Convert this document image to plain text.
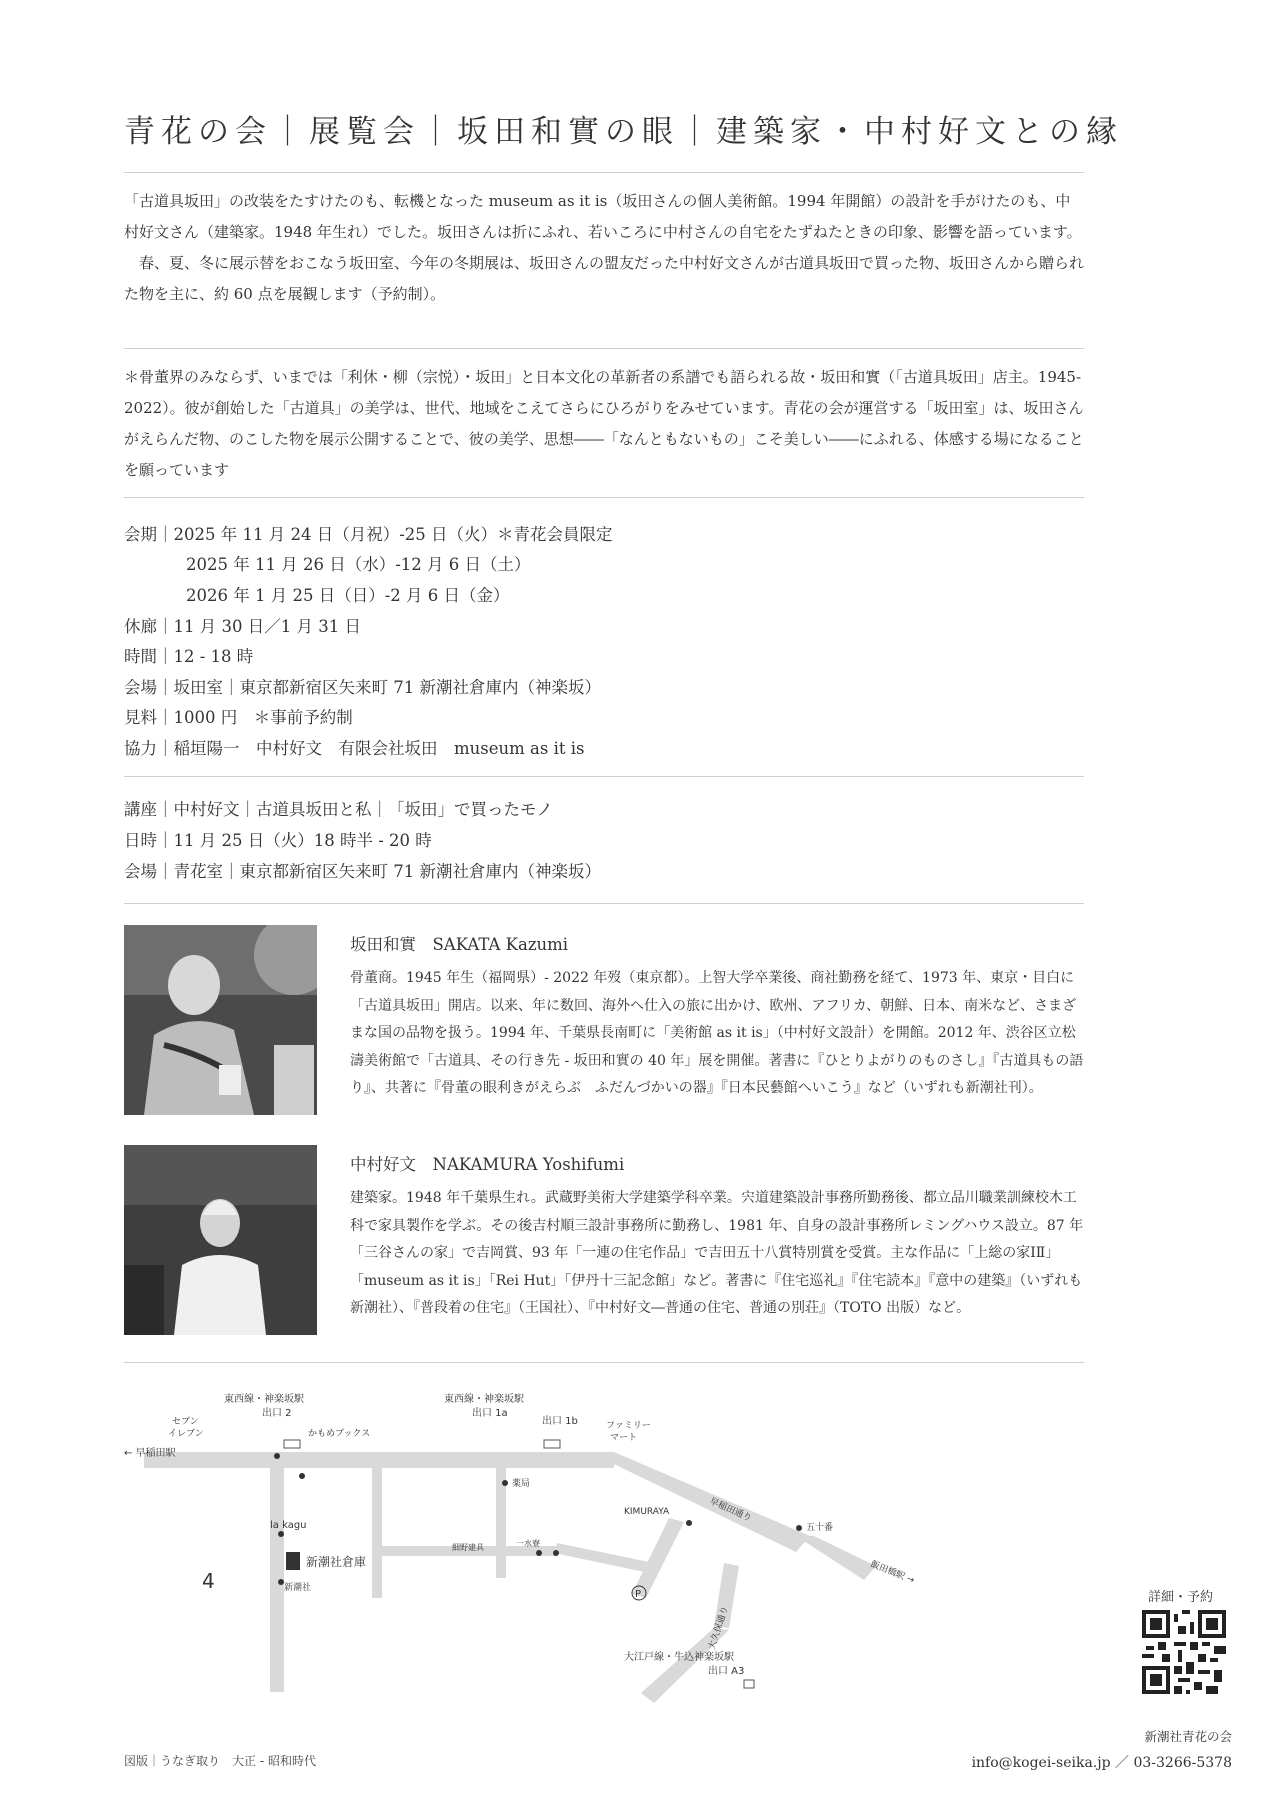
青花の会｜展覧会｜坂田和實の眼｜建築家・中村好文との縁

「古道具坂田」の改装をたすけたのも、転機となった museum as it is（坂田さんの個人美術館。1994 年開館）の設計を手がけたのも、中村好文さん（建築家。1948 年生れ）でした。坂田さんは折にふれ、若いころに中村さんの自宅をたずねたときの印象、影響を語っています。

春、夏、冬に展示替をおこなう坂田室、今年の冬期展は、坂田さんの盟友だった中村好文さんが古道具坂田で買った物、坂田さんから贈られた物を主に、約 60 点を展観します（予約制）。

＊骨董界のみならず、いまでは「利休・柳（宗悦）・坂田」と日本文化の革新者の系譜でも語られる故・坂田和實（「古道具坂田」店主。1945-2022）。彼が創始した「古道具」の美学は、世代、地域をこえてさらにひろがりをみせています。青花の会が運営する「坂田室」は、坂田さんがえらんだ物、のこした物を展示公開することで、彼の美学、思想――「なんともないもの」こそ美しい――にふれる、体感する場になることを願っています
会期｜2025 年 11 月 24 日（月祝）-25 日（火）＊青花会員限定
2025 年 11 月 26 日（水）-12 月 6 日（土）
2026 年 1 月 25 日（日）-2 月 6 日（金）
休廊｜11 月 30 日／1 月 31 日
時間｜12 - 18 時
会場｜坂田室｜東京都新宿区矢来町 71 新潮社倉庫内（神楽坂）
見料｜1000 円　＊事前予約制
協力｜稲垣陽一　中村好文　有限会社坂田　museum as it is
講座｜中村好文｜古道具坂田と私｜「坂田」で買ったモノ
日時｜11 月 25 日（火）18 時半 - 20 時
会場｜青花室｜東京都新宿区矢来町 71 新潮社倉庫内（神楽坂）
坂田和實　SAKATA Kazumi
骨董商。1945 年生（福岡県）- 2022 年歿（東京都）。上智大学卒業後、商社勤務を経て、1973 年、東京・目白に「古道具坂田」開店。以来、年に数回、海外へ仕入の旅に出かけ、欧州、アフリカ、朝鮮、日本、南米など、さまざまな国の品物を扱う。1994 年、千葉県長南町に「美術館 as it is」（中村好文設計）を開館。2012 年、渋谷区立松濤美術館で「古道具、その行き先 - 坂田和實の 40 年」展を開催。著書に『ひとりよがりのものさし』『古道具もの語り』、共著に『骨董の眼利きがえらぶ　ふだんづかいの器』『日本民藝館へいこう』など（いずれも新潮社刊）。
中村好文　NAKAMURA Yoshifumi
建築家。1948 年千葉県生れ。武蔵野美術大学建築学科卒業。宍道建築設計事務所勤務後、都立品川職業訓練校木工科で家具製作を学ぶ。その後吉村順三設計事務所に勤務し、1981 年、自身の設計事務所レミングハウス設立。87 年「三谷さんの家」で吉岡賞、93 年「一連の住宅作品」で吉田五十八賞特別賞を受賞。主な作品に「上総の家ⅠⅡ」「museum as it is」「Rei Hut」「伊丹十三記念館」など。著書に『住宅巡礼』『住宅読本』『意中の建築』（いずれも新潮社）、『普段着の住宅』（王国社）、『中村好文―普通の住宅、普通の別荘』（TOTO 出版）など。
P
東西線・神楽坂駅
出口 2
東西線・神楽坂駅
出口 1a
出口 1b
セブン
イレブン
ファミリー
マート
かもめブックス
← 早稲田駅
薬局
la kagu
KIMURAYA	早稲田通り
五十番
飯田橋駅 →
細野建具	一水寮
新潮社倉庫
新潮社
大久保通り
大江戸線・牛込神楽坂駅
出口 A3
4
詳細・予約
新潮社青花の会
info@kogei-seika.jp ／ 03-3266-5378
図版｜うなぎ取り　大正 - 昭和時代
